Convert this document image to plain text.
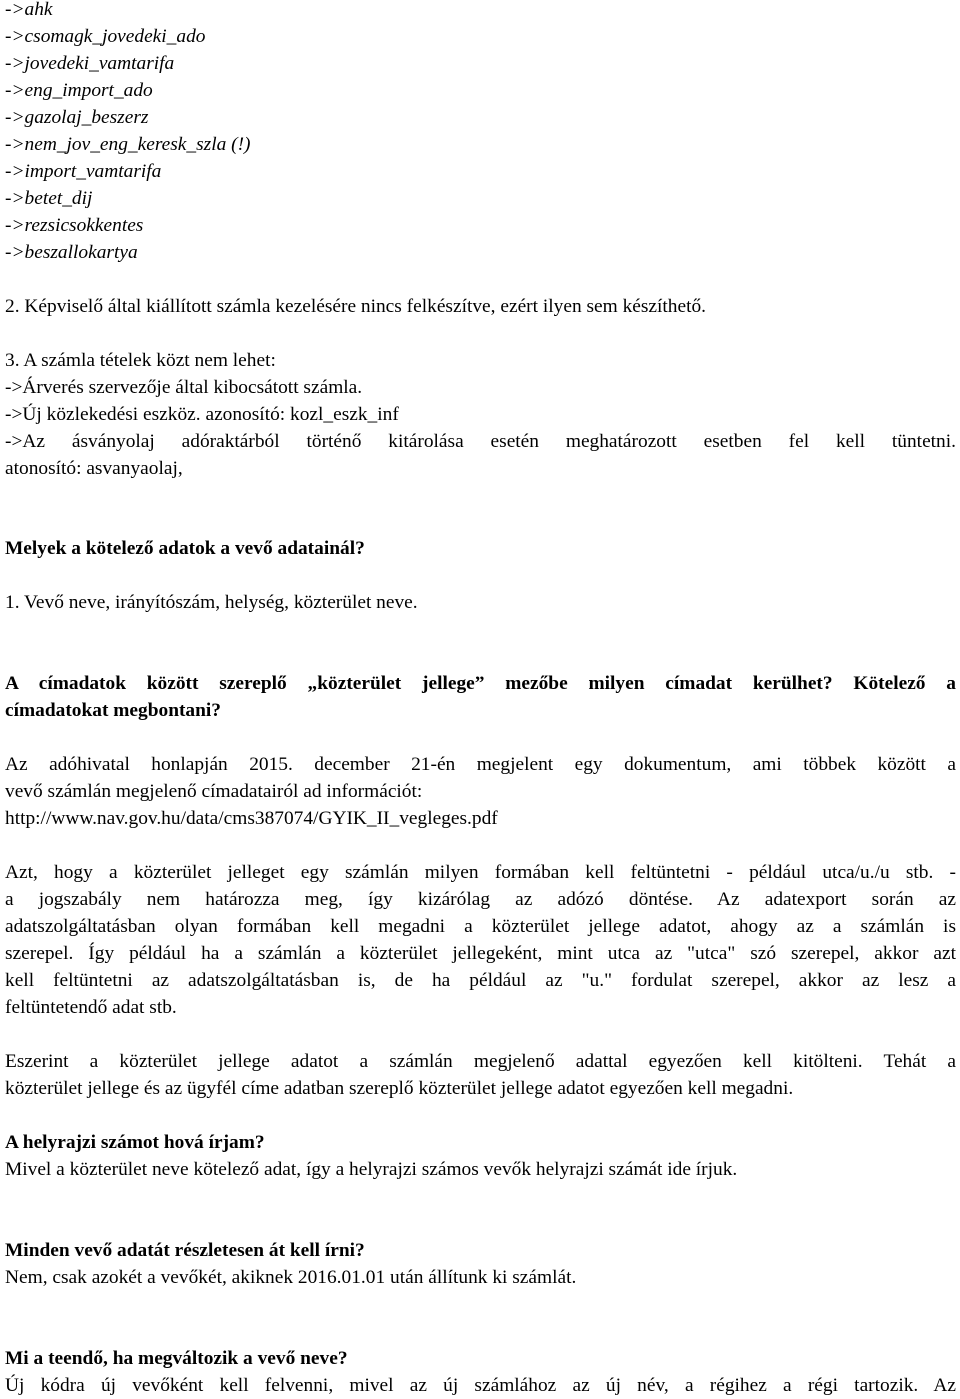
->ahk
->csomagk_jovedeki_ado
->jovedeki_vamtarifa
->eng_import_ado
->gazolaj_beszerz
->nem_jov_eng_keresk_szla (!)
->import_vamtarifa
->betet_dij
->rezsicsokkentes
->beszallokartya
2. Képviselő által kiállított számla kezelésére nincs felkészítve, ezért ilyen sem készíthető.
3. A számla tételek közt nem lehet:
->Árverés szervezője által kibocsátott számla.
->Új közlekedési eszköz. azonosító: kozl_eszk_inf
->Az ásványolaj adóraktárból történő kitárolása esetén meghatározott esetben fel kell tüntetni.
atonosító: asvanyaolaj,
Melyek a kötelező adatok a vevő adatainál?
1. Vevő neve, irányítószám, helység, közterület neve.
A címadatok között szereplő „közterület jellege” mezőbe milyen címadat kerülhet? Kötelező a
címadatokat megbontani?
Az adóhivatal honlapján 2015. december 21-én megjelent egy dokumentum, ami többek között a
vevő számlán megjelenő címadatairól ad információt:
http://www.nav.gov.hu/data/cms387074/GYIK_II_vegleges.pdf
Azt, hogy a közterület jelleget egy számlán milyen formában kell feltüntetni - például utca/u./u stb. -
a jogszabály nem határozza meg, így kizárólag az adózó döntése. Az adatexport során az
adatszolgáltatásban olyan formában kell megadni a közterület jellege adatot, ahogy az a számlán is
szerepel. Így például ha a számlán a közterület jellegeként, mint utca az "utca" szó szerepel, akkor azt
kell feltüntetni az adatszolgáltatásban is, de ha például az "u." fordulat szerepel, akkor az lesz a
feltüntetendő adat stb.
Eszerint a közterület jellege adatot a számlán megjelenő adattal egyezően kell kitölteni. Tehát a
közterület jellege és az ügyfél címe adatban szereplő közterület jellege adatot egyezően kell megadni.
A helyrajzi számot hová írjam?
Mivel a közterület neve kötelező adat, így a helyrajzi számos vevők helyrajzi számát ide írjuk.
Minden vevő adatát részletesen át kell írni?
Nem, csak azokét a vevőkét, akiknek 2016.01.01 után állítunk ki számlát.
Mi a teendő, ha megváltozik a vevő neve?
Új kódra új vevőként kell felvenni, mivel az új számlához az új név, a régihez a régi tartozik. Az
